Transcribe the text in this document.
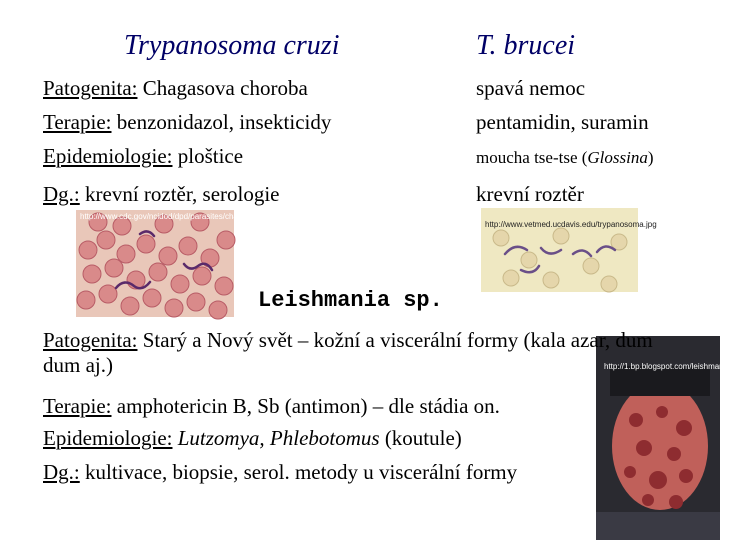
Trypanosoma cruzi	T. brucei
Patogenita: Chagasova choroba
Terapie: benzonidazol, insekticidy
Epidemiologie: ploštice
Dg.: krevní roztěr, serologie
spavá nemoc
pentamidin, suramin
moucha tse-tse (Glossina)
krevní roztěr
http://www.cdc.gov/ncidod/dpd/parasites/chagas/3/n.cruzi.jpg
http://www.vetmed.ucdavis.edu/trypanosoma.jpg
Leishmania sp.
http://1.bp.blogspot.com/leishmaniasis.jpg
Patogenita: Starý a Nový svět – kožní a viscerální formy (kala azar, dum dum aj.)
Terapie: amphotericin B, Sb (antimon) – dle stádia on.
Epidemiologie: Lutzomya, Phlebotomus (koutule)
Dg.: kultivace, biopsie, serol. metody u viscerální formy
